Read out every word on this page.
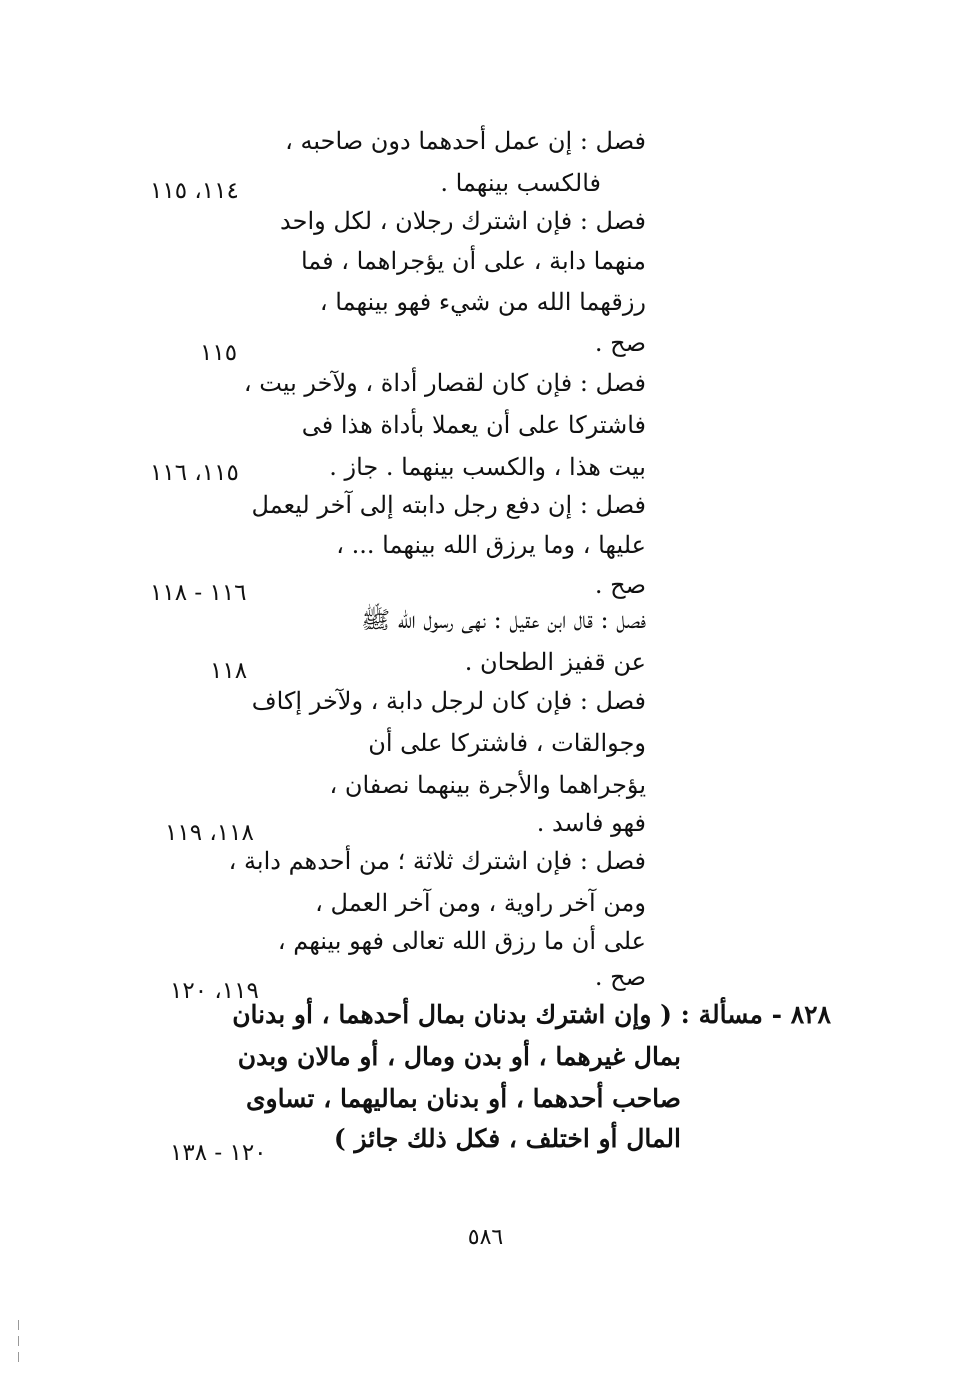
فصل : إن عمل أحدهما دون صاحبه ،
فالكسب بينهما .
١١٤، ١١٥
فصل : فإن اشترك رجلان ، لكل واحد
منهما دابة ، على أن يؤجراهما ، فما
رزقهما الله من شيء فهو بينهما ،
صح .
١١٥
فصل : فإن كان لقصار أداة ، ولآخر بيت ،
فاشتركا على أن يعملا بأداة هذا فى
بيت هذا ، والكسب بينهما . جاز .
١١٥، ١١٦
فصل : إن دفع رجل دابته إلى آخر ليعمل
عليها ، وما يرزق الله بينهما ... ،
صح .
١١٦ - ١١٨
فصل : قال ابن عقيل : نهى رسول الله ﷺ
عن قفيز الطحان .
١١٨
فصل : فإن كان لرجل دابة ، ولآخر إكاف
وجوالقات ، فاشتركا على أن
يؤجراهما والأجرة بينهما نصفان ،
فهو فاسد .
١١٨، ١١٩
فصل : فإن اشترك ثلاثة ؛ من أحدهم دابة ،
ومن آخر راوية ، ومن آخر العمل ،
على أن ما رزق الله تعالى فهو بينهم ،
صح .
١١٩، ١٢٠
٨٢٨ - مسألة : ( وإن اشترك بدنان بمال أحدهما ، أو بدنان
بمال غيرهما ، أو بدن ومال ، أو مالان وبدن
صاحب أحدهما ، أو بدنان بماليهما ، تساوى
المال أو اختلف ، فكل ذلك جائز )
١٢٠ - ١٣٨
٥٨٦
